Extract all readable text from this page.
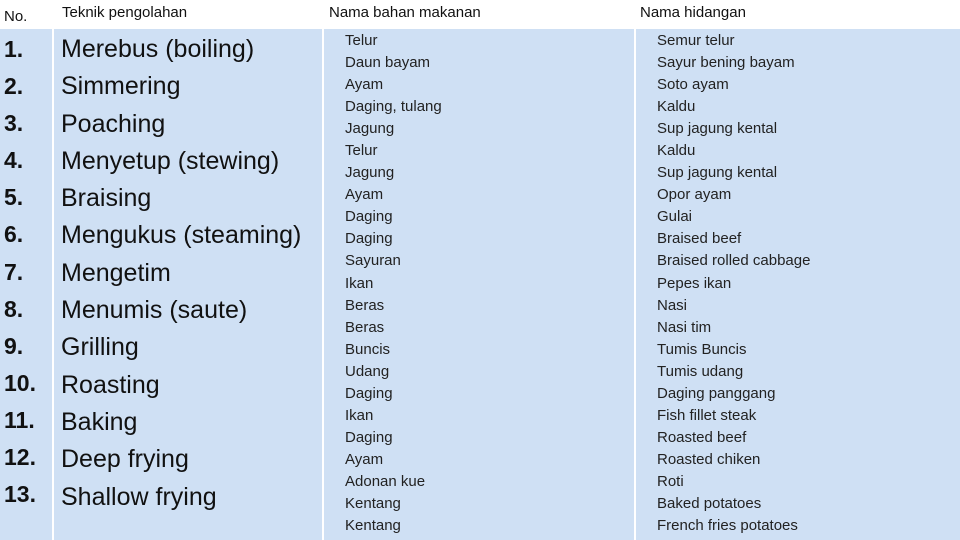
No. Teknik pengolahan	Nama bahan makanan	Nama hidangan
1.
2.
3.
4.
5.
6.
7.
8.
9.
10.
11.
12.
13.
Merebus (boiling)
Simmering
Poaching
Menyetup (stewing)
Braising
Mengukus (steaming)
Mengetim
Menumis (saute)
Grilling
Roasting
Baking
Deep frying
Shallow frying
Telur
Daun bayam
Ayam
Daging, tulang
Jagung
Telur
Jagung
Ayam
Daging
Daging
Sayuran
Ikan
Beras
Beras
Buncis
Udang
Daging
Ikan
Daging
Ayam
Adonan kue
Kentang
Kentang
Semur telur
Sayur bening bayam
Soto ayam
Kaldu
Sup jagung kental
Kaldu
Sup jagung kental
Opor ayam
Gulai
Braised beef
Braised rolled cabbage
Pepes ikan
Nasi
Nasi tim
Tumis Buncis
Tumis udang
Daging panggang
Fish fillet steak
Roasted beef
Roasted chiken
Roti
Baked potatoes
French fries potatoes
